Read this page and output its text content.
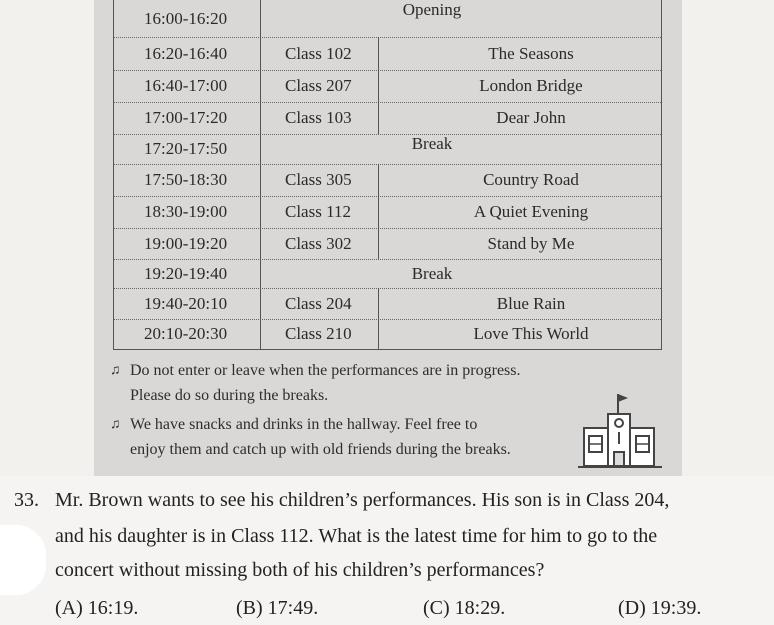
16:00-16:20	Opening
16:20-16:40	Class 102	The Seasons
16:40-17:00	Class 207	London Bridge
17:00-17:20	Class 103	Dear John
17:20-17:50	Break
17:50-18:30	Class 305	Country Road
18:30-19:00	Class 112	A Quiet Evening
19:00-19:20	Class 302	Stand by Me
19:20-19:40	Break
19:40-20:10	Class 204	Blue Rain
20:10-20:30	Class 210	Love This World
♫ Do not enter or leave when the performances are in progress.
Please do so during the breaks.
♫ We have snacks and drinks in the hallway. Feel free to
enjoy them and catch up with old friends during the breaks.
33. Mr. Brown wants to see his children’s performances. His son is in Class 204,
and his daughter is in Class 112. What is the latest time for him to go to the
concert without missing both of his children’s performances?
(A) 16:19.	(B) 17:49.	(C) 18:29.	(D) 19:39.
